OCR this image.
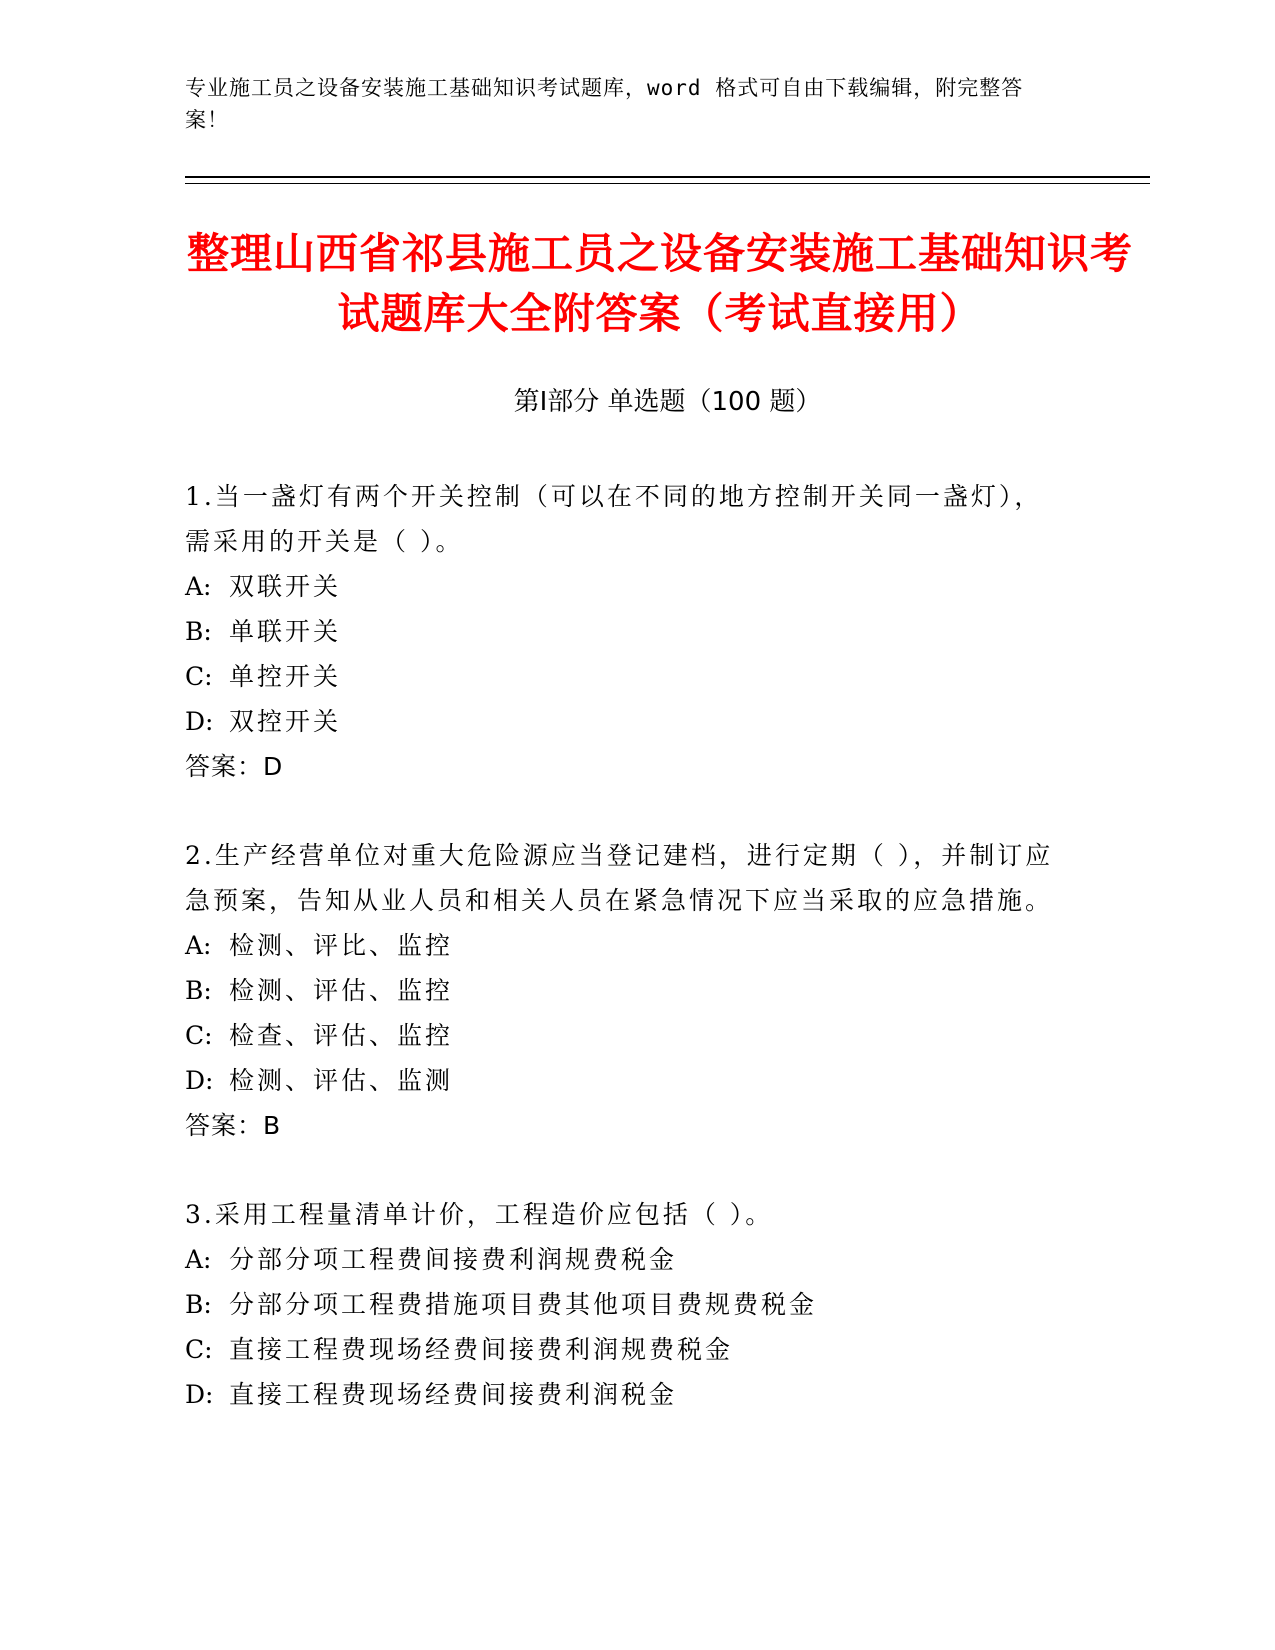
专业施工员之设备安装施工基础知识考试题库，word 格式可自由下载编辑，附完整答案！
整理山西省祁县施工员之设备安装施工基础知识考试题库大全附答案（考试直接用）
第Ⅰ部分 单选题（100 题）

1.当一盏灯有两个开关控制（可以在不同的地方控制开关同一盏灯），需采用的开关是（ ）。

A: 双联开关
B: 单联开关
C: 单控开关
D: 双控开关
答案：D

2.生产经营单位对重大危险源应当登记建档，进行定期（ ），并制订应急预案，告知从业人员和相关人员在紧急情况下应当采取的应急措施。

A: 检测、评比、监控
B: 检测、评估、监控
C: 检查、评估、监控
D: 检测、评估、监测
答案：B

3.采用工程量清单计价，工程造价应包括（ ）。

A: 分部分项工程费间接费利润规费税金
B: 分部分项工程费措施项目费其他项目费规费税金
C: 直接工程费现场经费间接费利润规费税金
D: 直接工程费现场经费间接费利润税金
